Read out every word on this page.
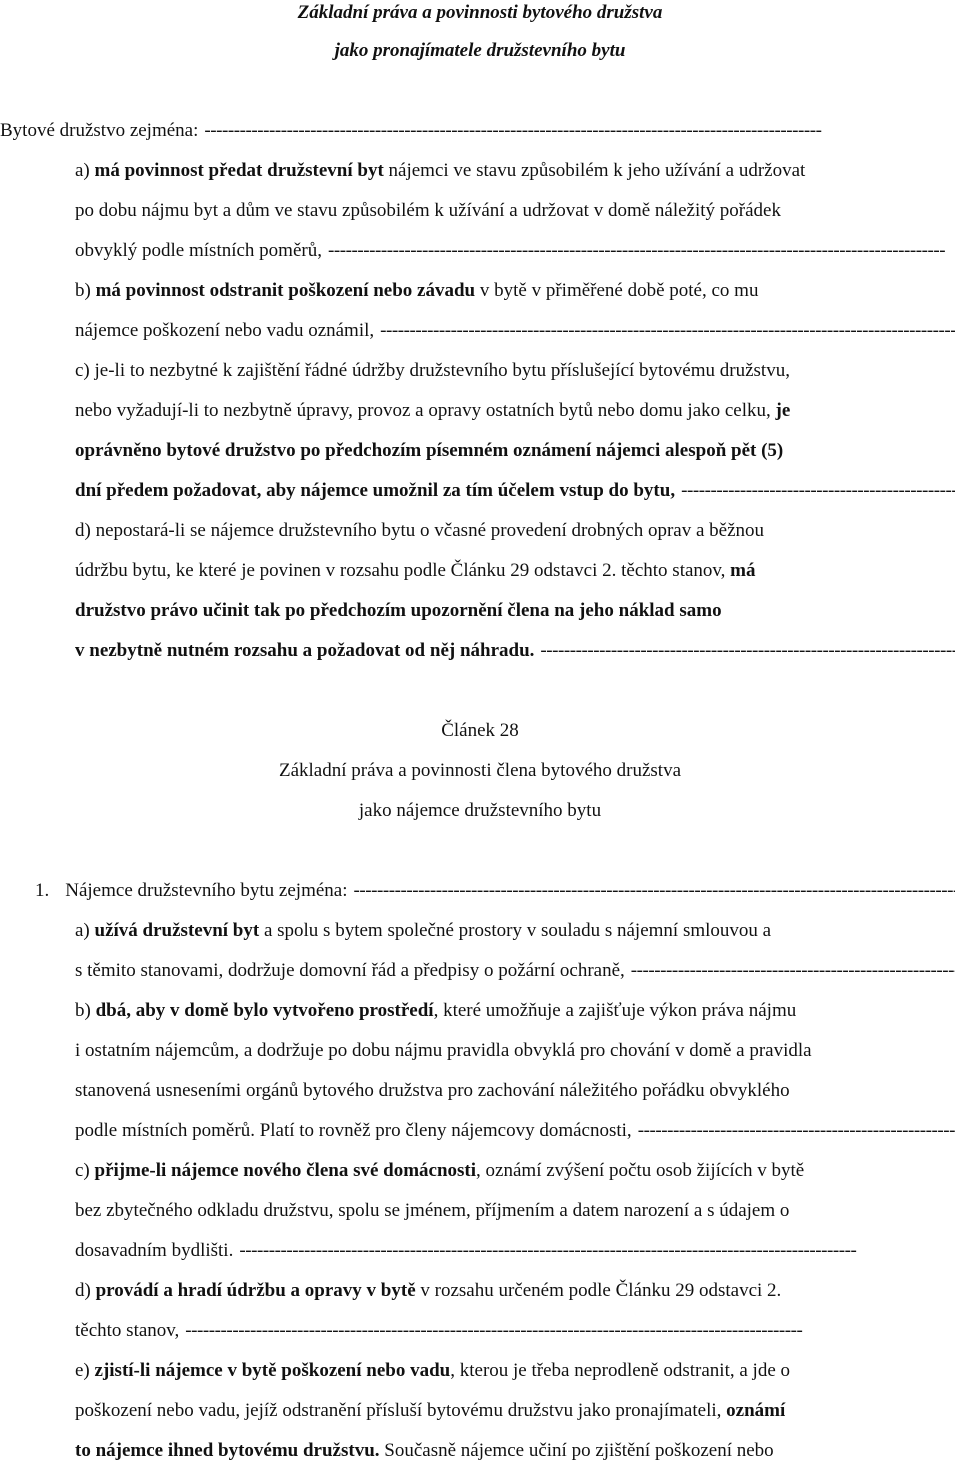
Základní práva a povinnosti bytového družstva
jako pronajímatele družstevního bytu
Bytové družstvo zejména:
- - -
a) má povinnost předat družstevní byt nájemci ve stavu způsobilém k jeho užívání a udržovat
po dobu nájmu byt a dům ve stavu způsobilém k užívání a udržovat v domě náležitý pořádek
obvyklý podle místních poměrů,
- - -
b) má povinnost odstranit poškození nebo závadu v bytě v přiměřené době poté, co mu
nájemce poškození nebo vadu oznámil,
- - -
c) je-li to nezbytné k zajištění řádné údržby družstevního bytu příslušející bytovému družstvu,
nebo vyžadují-li to nezbytně úpravy, provoz a opravy ostatních bytů nebo domu jako celku, je
oprávněno bytové družstvo po předchozím písemném oznámení nájemci alespoň pět (5)
dní předem požadovat, aby nájemce umožnil za tím účelem vstup do bytu,
- - -
d) nepostará-li se nájemce družstevního bytu o včasné provedení drobných oprav a běžnou
údržbu bytu, ke které je povinen v rozsahu podle Článku 29 odstavci 2. těchto stanov, má
družstvo právo učinit tak po předchozím upozornění člena na jeho náklad samo
v nezbytně nutném rozsahu a požadovat od něj náhradu.
- - -
Článek 28
Základní práva a povinnosti člena bytového družstva
jako nájemce družstevního bytu
1. Nájemce družstevního bytu zejména:
- - -
a) užívá družstevní byt a spolu s bytem společné prostory v souladu s nájemní smlouvou a
s těmito stanovami, dodržuje domovní řád a předpisy o požární ochraně,
- - -
b) dbá, aby v domě bylo vytvořeno prostředí, které umožňuje a zajišťuje výkon práva nájmu
i ostatním nájemcům, a dodržuje po dobu nájmu pravidla obvyklá pro chování v domě a pravidla
stanovená usneseními orgánů bytového družstva pro zachování náležitého pořádku obvyklého
podle místních poměrů. Platí to rovněž pro členy nájemcovy domácnosti,
- - -
c) přijme-li nájemce nového člena své domácnosti, oznámí zvýšení počtu osob žijících v bytě
bez zbytečného odkladu družstvu, spolu se jménem, příjmením a datem narození a s údajem o
dosavadním bydlišti.
- - -
d) provádí a hradí údržbu a opravy v bytě v rozsahu určeném podle Článku 29 odstavci 2.
těchto stanov,
- - -
e) zjistí-li nájemce v bytě poškození nebo vadu, kterou je třeba neprodleně odstranit, a jde o
poškození nebo vadu, jejíž odstranění přísluší bytovému družstvu jako pronajímateli, oznámí
to nájemce ihned bytovému družstvu. Současně nájemce učiní po zjištění poškození nebo
